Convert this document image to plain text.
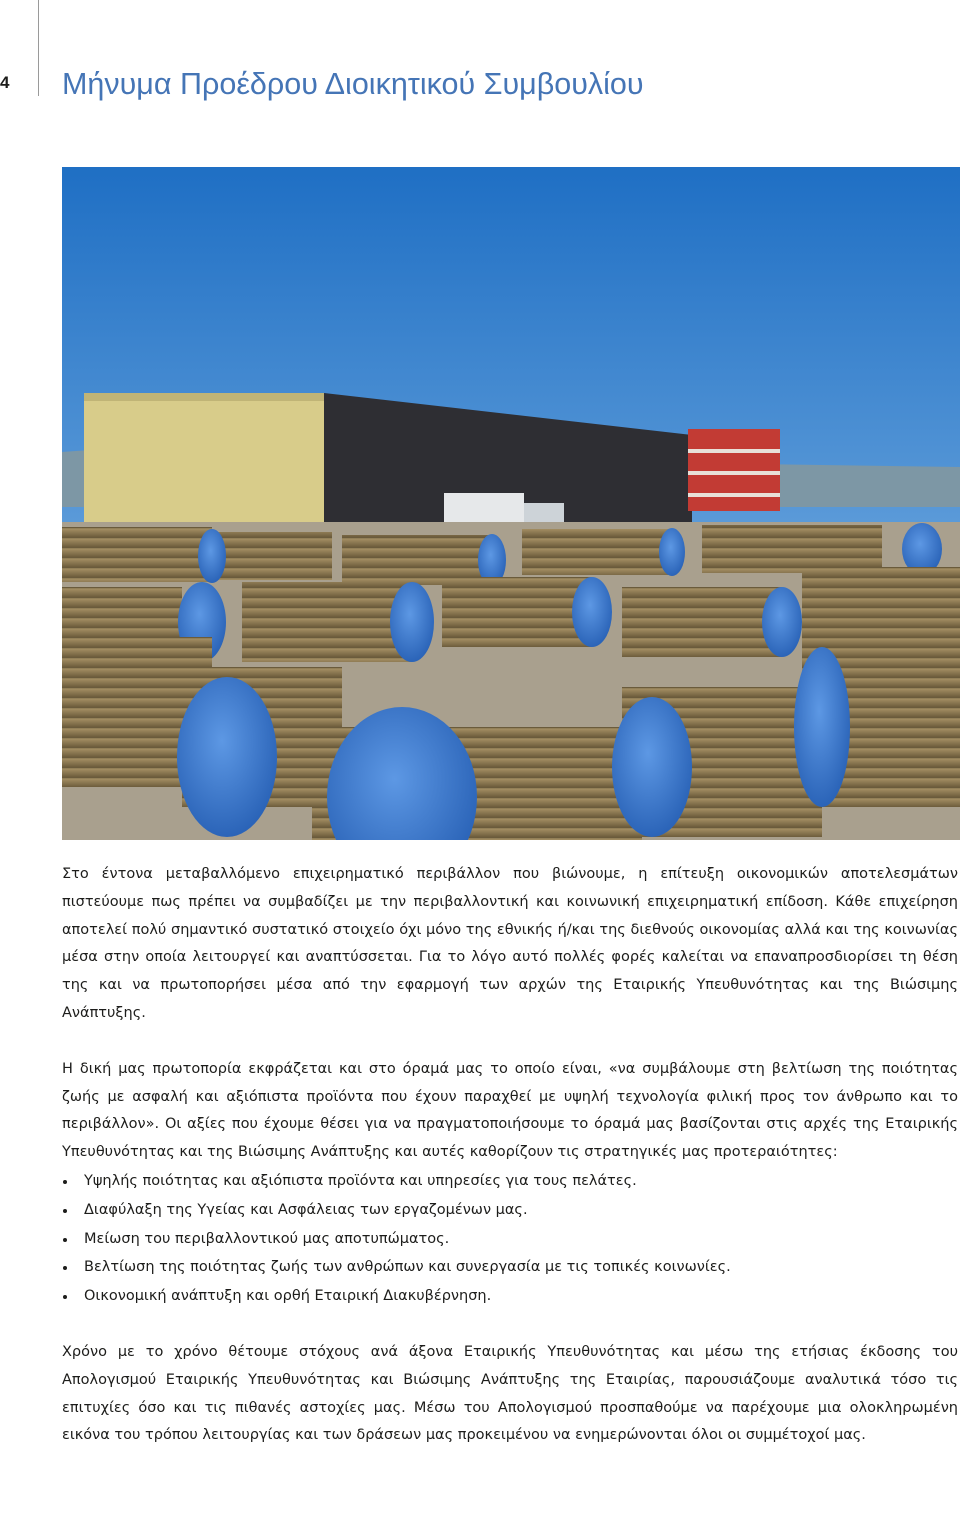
4	Μήνυμα Προέδρου Διοικητικού Συμβουλίου

Στο έντονα μεταβαλλόμενο επιχειρηματικό περιβάλλον που βιώνουμε, η επίτευξη οικονομικών αποτελεσμάτων πιστεύουμε πως πρέπει να συμβαδίζει με την περιβαλλοντική και κοινωνική επιχειρηματική επίδοση. Κάθε επιχείρηση αποτελεί πολύ σημαντικό συστατικό στοιχείο όχι μόνο της εθνικής ή/και της διεθνούς οικονομίας αλλά και της κοινωνίας μέσα στην οποία λειτουργεί και αναπτύσσεται. Για το λόγο αυτό πολλές φορές καλείται να επαναπροσδιορίσει τη θέση της και να πρωτοπορήσει μέσα από την εφαρμογή των αρχών της Εταιρικής Υπευθυνότητας και της Βιώσιμης Ανάπτυξης.

Η δική μας πρωτοπορία εκφράζεται και στο όραμά μας το οποίο είναι, «να συμβάλουμε στη βελτίωση της ποιότητας ζωής με ασφαλή και αξιόπιστα προϊόντα που έχουν παραχθεί με υψηλή τεχνολογία φιλική προς τον άνθρωπο και το περιβάλλον». Οι αξίες που έχουμε θέσει για να πραγματοποιήσουμε το όραμά μας βασίζονται στις αρχές της Εταιρικής Υπευθυνότητας και της Βιώσιμης Ανάπτυξης και αυτές καθορίζουν τις στρατηγικές μας προτεραιότητες:

Υψηλής ποιότητας και αξιόπιστα προϊόντα και υπηρεσίες για τους πελάτες.
Διαφύλαξη της Υγείας και Ασφάλειας των εργαζομένων μας.
Μείωση του περιβαλλοντικού μας αποτυπώματος.
Βελτίωση της ποιότητας ζωής των ανθρώπων και συνεργασία με τις τοπικές κοινωνίες.
Οικονομική ανάπτυξη και ορθή Εταιρική Διακυβέρνηση.

Χρόνο με το χρόνο θέτουμε στόχους ανά άξονα Εταιρικής Υπευθυνότητας και μέσω της ετήσιας έκδοσης του Απολογισμού Εταιρικής Υπευθυνότητας και Βιώσιμης Ανάπτυξης της Εταιρίας, παρουσιάζουμε αναλυτικά τόσο τις επιτυχίες όσο και τις πιθανές αστοχίες μας. Μέσω του Απολογισμού προσπαθούμε να παρέχουμε μια ολοκληρωμένη εικόνα του τρόπου λειτουργίας και των δράσεων μας προκειμένου να ενημερώνονται όλοι οι συμμέτοχοί μας.
